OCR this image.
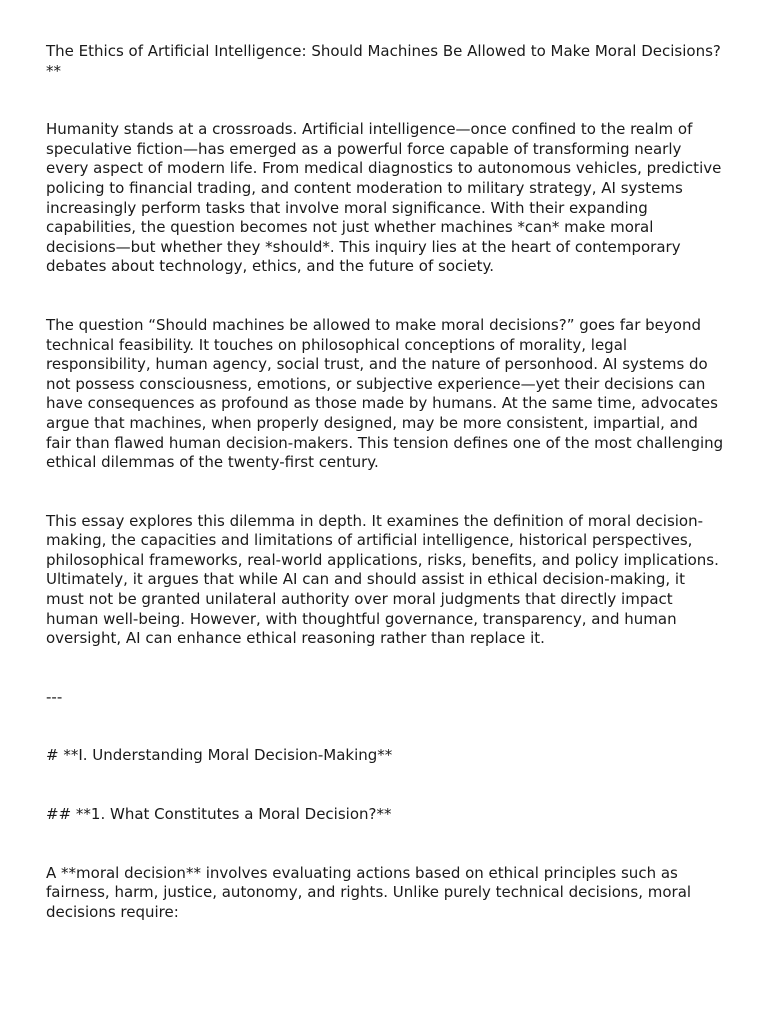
The Ethics of Artificial Intelligence: Should Machines Be Allowed to Make Moral Decisions?**

Humanity stands at a crossroads. Artificial intelligence—once confined to the realm of speculative fiction—has emerged as a powerful force capable of transforming nearly every aspect of modern life. From medical diagnostics to autonomous vehicles, predictive policing to financial trading, and content moderation to military strategy, AI systems increasingly perform tasks that involve moral significance. With their expanding capabilities, the question becomes not just whether machines *can* make moral decisions—but whether they *should*. This inquiry lies at the heart of contemporary debates about technology, ethics, and the future of society.

The question “Should machines be allowed to make moral decisions?” goes far beyond technical feasibility. It touches on philosophical conceptions of morality, legal responsibility, human agency, social trust, and the nature of personhood. AI systems do not possess consciousness, emotions, or subjective experience—yet their decisions can have consequences as profound as those made by humans. At the same time, advocates argue that machines, when properly designed, may be more consistent, impartial, and fair than flawed human decision-makers. This tension defines one of the most challenging ethical dilemmas of the twenty-first century.

This essay explores this dilemma in depth. It examines the definition of moral decision-making, the capacities and limitations of artificial intelligence, historical perspectives, philosophical frameworks, real-world applications, risks, benefits, and policy implications. Ultimately, it argues that while AI can and should assist in ethical decision-making, it must not be granted unilateral authority over moral judgments that directly impact human well-being. However, with thoughtful governance, transparency, and human oversight, AI can enhance ethical reasoning rather than replace it.

---

# **I. Understanding Moral Decision-Making**

## **1. What Constitutes a Moral Decision?**

A **moral decision** involves evaluating actions based on ethical principles such as fairness, harm, justice, autonomy, and rights. Unlike purely technical decisions, moral decisions require:
